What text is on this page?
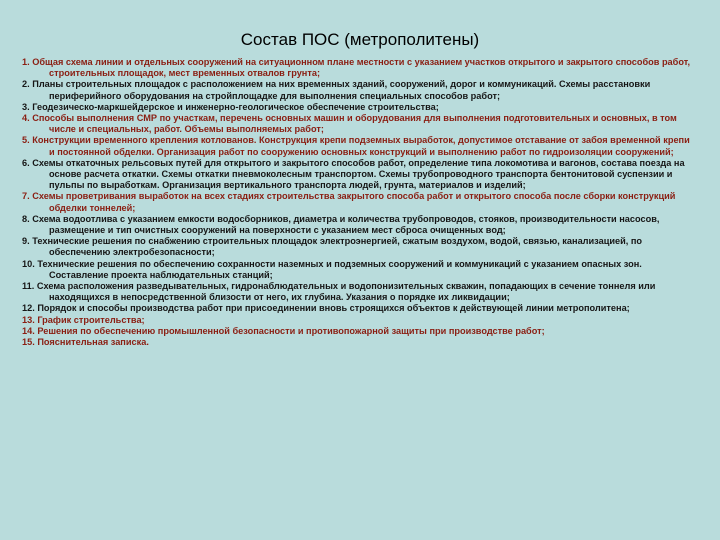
Состав ПОС (метрополитены)
1. Общая схема линии и отдельных сооружений на ситуационном плане местности с указанием участков открытого и закрытого способов работ, строительных площадок, мест временных отвалов грунта;
2. Планы строительных площадок с расположением на них временных зданий, сооружений, дорог и коммуникаций. Схемы расстановки периферийного оборудования на стройплощадке для выполнения специальных способов работ;
3. Геодезическо-маркшейдерское и инженерно-геологическое обеспечение строительства;
4. Способы выполнения СМР по участкам, перечень основных машин и оборудования для выполнения подготовительных и основных, в том числе и специальных, работ. Объемы выполняемых работ;
5. Конструкции временного крепления котлованов. Конструкция крепи подземных выработок, допустимое отставание от забоя временной крепи и постоянной обделки. Организация работ по сооружению основных конструкций и выполнению работ по гидроизоляции сооружений;
6. Схемы откаточных рельсовых путей для открытого и закрытого способов работ, определение типа локомотива и вагонов, состава поезда на основе расчета откатки. Схемы откатки пневмоколесным транспортом. Схемы трубопроводного транспорта бентонитовой суспензии и пульпы по выработкам. Организация вертикального транспорта людей, грунта, материалов и изделий;
7. Схемы проветривания выработок на всех стадиях строительства закрытого способа работ и открытого способа после сборки конструкций обделки тоннелей;
8. Схема водоотлива с указанием емкости водосборников, диаметра и количества трубопроводов, стояков, производительности насосов, размещение и тип очистных сооружений на поверхности с указанием мест сброса очищенных вод;
9. Технические решения по снабжению строительных площадок электроэнергией, сжатым воздухом, водой, связью, канализацией, по обеспечению электробезопасности;
10. Технические решения по обеспечению сохранности наземных и подземных сооружений и коммуникаций с указанием опасных зон. Составление проекта наблюдательных станций;
11. Схема расположения разведывательных, гидронаблюдательных и водопонизительных скважин, попадающих в сечение тоннеля или находящихся в непосредственной близости от него, их глубина. Указания о порядке их ликвидации;
12. Порядок и способы производства работ при присоединении вновь строящихся объектов к действующей линии метрополитена;
13. График строительства;
14. Решения по обеспечению промышленной безопасности и противопожарной защиты при производстве работ;
15. Пояснительная записка.
